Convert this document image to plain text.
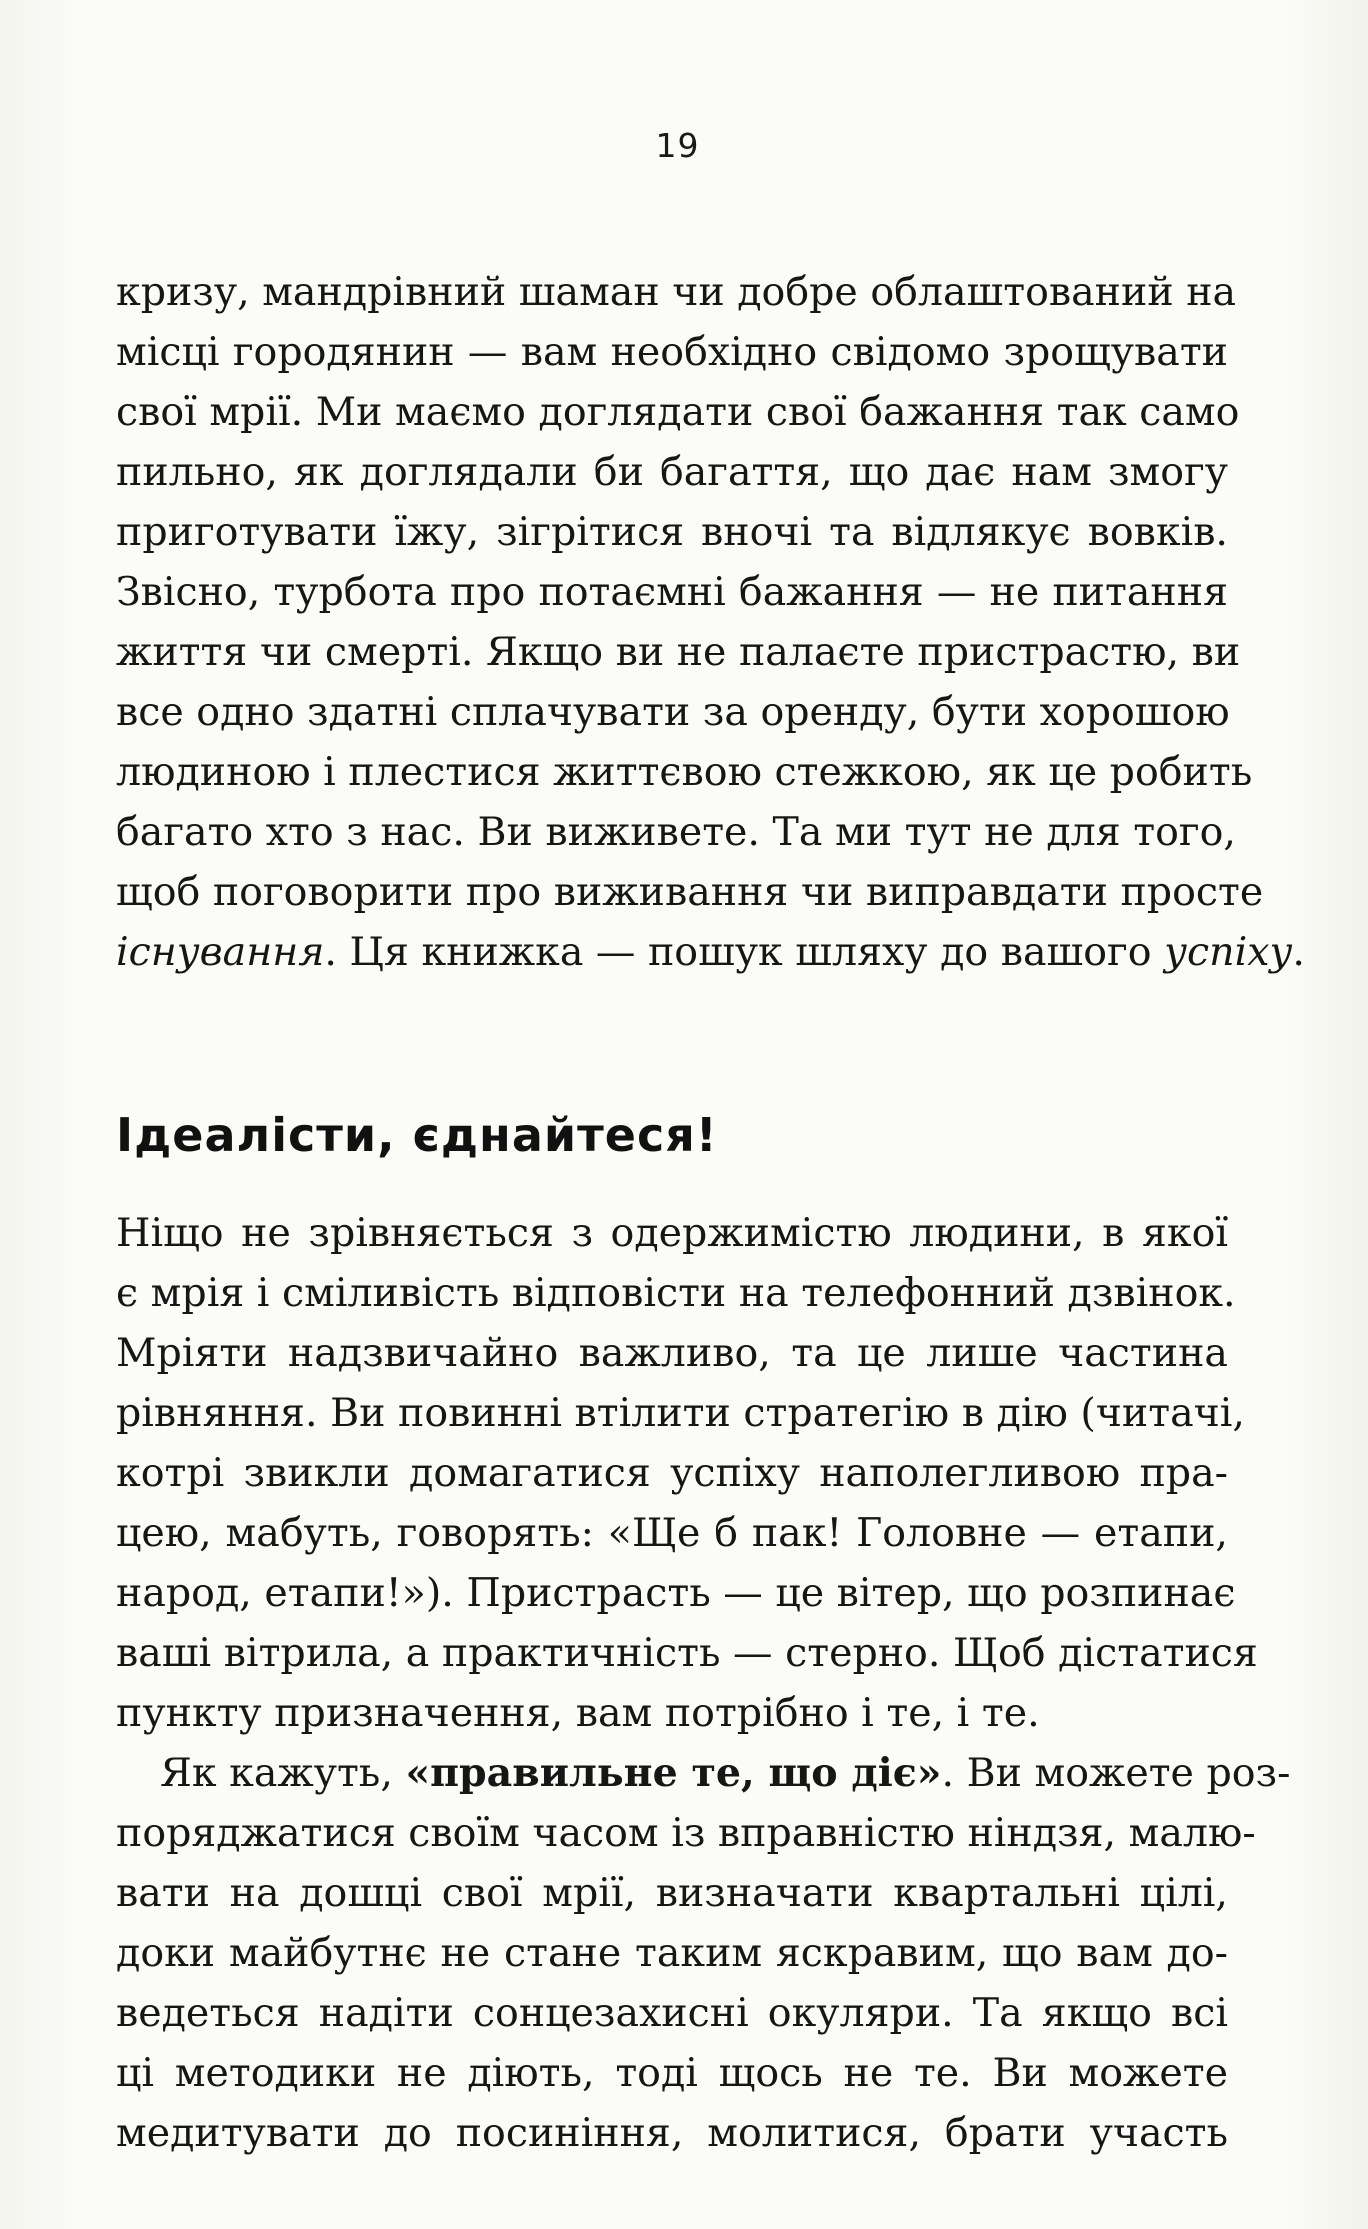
19
кризу, мандрівний шаман чи добре облаштований на
місці городянин — вам необхідно свідомо зрощувати
свої мрії. Ми маємо доглядати свої бажання так само
пильно, як доглядали би багаття, що дає нам змогу
приготувати їжу, зігрітися вночі та відлякує вовків.
Звісно, турбота про потаємні бажання — не питання
життя чи смерті. Якщо ви не палаєте пристрастю, ви
все одно здатні сплачувати за оренду, бути хорошою
людиною і плестися життєвою стежкою, як це робить
багато хто з нас. Ви виживете. Та ми тут не для того,
щоб поговорити про виживання чи виправдати просте
існування. Ця книжка — пошук шляху до вашого успіху.
Ідеалісти, єднайтеся!
Ніщо не зрівняється з одержимістю людини, в якої
є мрія і сміливість відповісти на телефонний дзвінок.
Мріяти надзвичайно важливо, та це лише частина
рівняння. Ви повинні втілити стратегію в дію (читачі,
котрі звикли домагатися успіху наполегливою пра-
цею, мабуть, говорять: «Ще б пак! Головне — етапи,
народ, етапи!»). Пристрасть — це вітер, що розпинає
ваші вітрила, а практичність — стерно. Щоб дістатися
пункту призначення, вам потрібно і те, і те.
Як кажуть, «правильне те, що діє». Ви можете роз-
поряджатися своїм часом із вправністю ніндзя, малю-
вати на дошці свої мрії, визначати квартальні цілі,
доки майбутнє не стане таким яскравим, що вам до-
ведеться надіти сонцезахисні окуляри. Та якщо всі
ці методики не діють, тоді щось не те. Ви можете
медитувати до посиніння, молитися, брати участь
